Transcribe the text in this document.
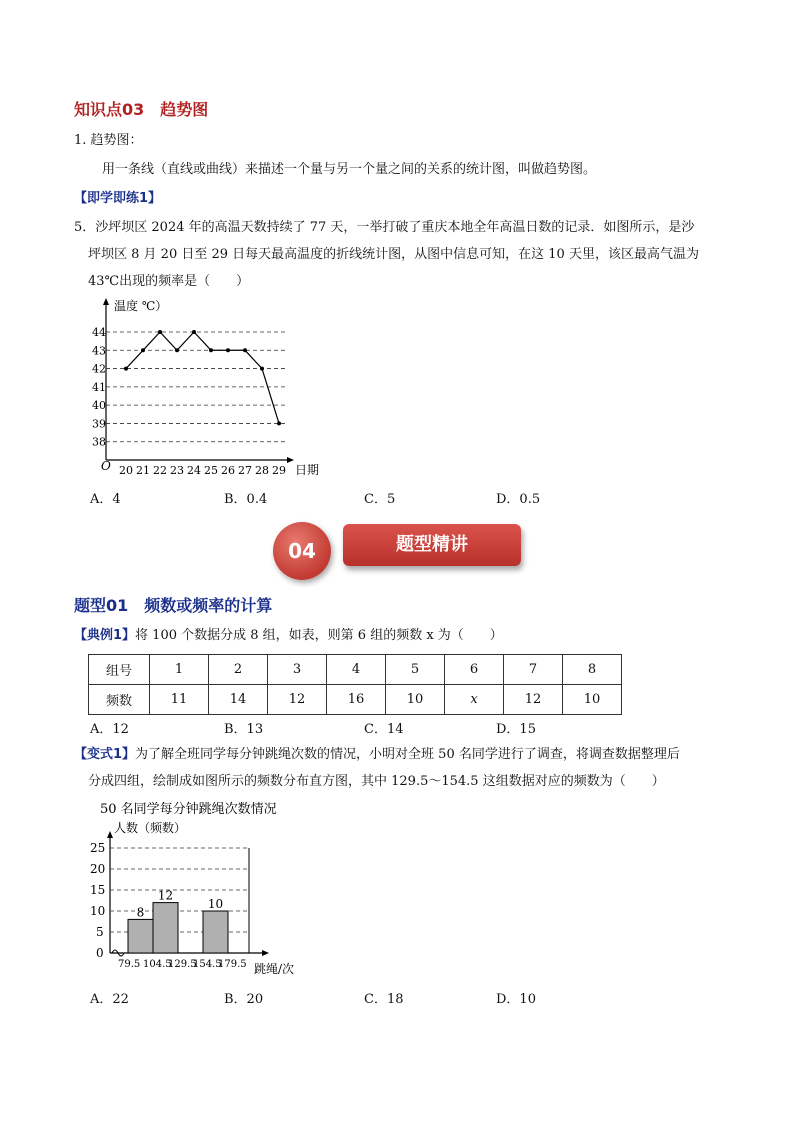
知识点03　趋势图
1. 趋势图：
用一条线（直线或曲线）来描述一个量与另一个量之间的关系的统计图，叫做趋势图。
【即学即练1】
5．沙坪坝区 2024 年的高温天数持续了 77 天，一举打破了重庆本地全年高温日数的记录．如图所示，是沙
坪坝区 8 月 20 日至 29 日每天最高温度的折线统计图，从图中信息可知，在这 10 天里，该区最高气温为
43℃出现的频率是（　　）
温度 ℃）
日期
O
38
39
40
41
42
43
44
20 21 22 23 24 25 26 27 28 29
A．4	B．0.4	C．5	D．0.5
04	题型精讲
题型01　频数或频率的计算
【典例1】将 100 个数据分成 8 组，如表，则第 6 组的频数 x 为（　　）
组号	1	2	3	4	5	6	7	8
频数	11	14	12	16	10	x	12	10
A．12	B．13	C．14	D．15
【变式1】为了解全班同学每分钟跳绳次数的情况，小明对全班 50 名同学进行了调查，将调查数据整理后
分成四组，绘制成如图所示的频数分布直方图，其中 129.5～154.5 这组数据对应的频数为（　　）
50 名同学每分钟跳绳次数情况
人数（频数）
跳绳/次
0
5
10
15
20
25
79.5 104.5
129.5
154.5
179.5
8
12
10
A．22	B．20	C．18	D．10
